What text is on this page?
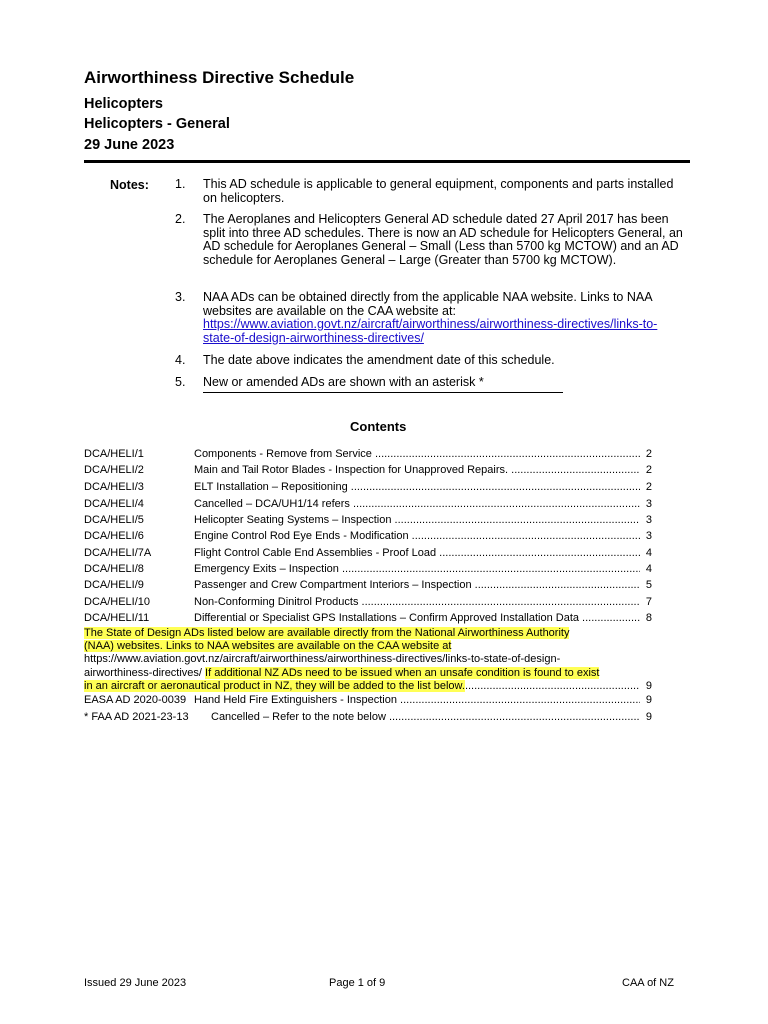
Airworthiness Directive Schedule
Helicopters
Helicopters - General
29 June 2023
Notes: 1. This AD schedule is applicable to general equipment, components and parts installed on helicopters.
2. The Aeroplanes and Helicopters General AD schedule dated 27 April 2017 has been split into three AD schedules. There is now an AD schedule for Helicopters General, an AD schedule for Aeroplanes General – Small (Less than 5700 kg MCTOW) and an AD schedule for Aeroplanes General – Large (Greater than 5700 kg MCTOW).
3. NAA ADs can be obtained directly from the applicable NAA website. Links to NAA websites are available on the CAA website at:
https://www.aviation.govt.nz/aircraft/airworthiness/airworthiness-directives/links-to-state-of-design-airworthiness-directives/
4. The date above indicates the amendment date of this schedule.
5. New or amended ADs are shown with an asterisk *
Contents
DCA/HELI/1	Components - Remove from Service .....	2
DCA/HELI/2	Main and Tail Rotor Blades - Inspection for Unapproved Repairs. .....	2
DCA/HELI/3	ELT Installation – Repositioning .....	2
DCA/HELI/4	Cancelled – DCA/UH1/14 refers .....	3
DCA/HELI/5	Helicopter Seating Systems – Inspection .....	3
DCA/HELI/6	Engine Control Rod Eye Ends - Modification .....	3
DCA/HELI/7A	Flight Control Cable End Assemblies - Proof Load .....	4
DCA/HELI/8	Emergency Exits – Inspection .....	4
DCA/HELI/9	Passenger and Crew Compartment Interiors – Inspection .....	5
DCA/HELI/10	Non-Conforming Dinitrol Products .....	7
DCA/HELI/11	Differential or Specialist GPS Installations – Confirm Approved Installation Data .....	8
The State of Design ADs listed below are available directly from the National Airworthiness Authority
(NAA) websites. Links to NAA websites are available on the CAA website at
https://www.aviation.govt.nz/aircraft/airworthiness/airworthiness-directives/links-to-state-of-design-
airworthiness-directives/ If additional NZ ADs need to be issued when an unsafe condition is found to exist
in an aircraft or aeronautical product in NZ, they will be added to the list below.......................................................... 9
EASA AD 2020-0039 Hand Held Fire Extinguishers - Inspection .....	9
* FAA AD 2021-23-13 Cancelled – Refer to the note below .....	9
Issued 29 June 2023	Page 1 of 9	CAA of NZ
